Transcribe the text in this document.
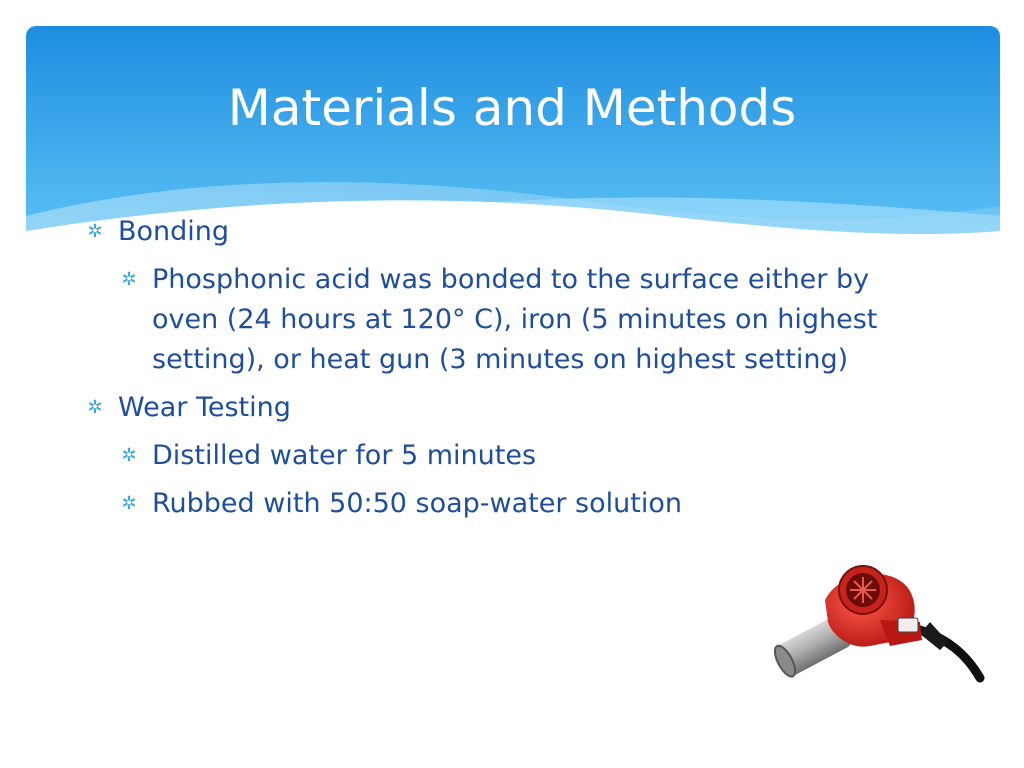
Materials and Methods
✲ Bonding
✲ Phosphonic acid was bonded to the surface either by oven (24 hours at 120° C), iron (5 minutes on highest setting), or heat gun (3 minutes on highest setting)
✲ Wear Testing
✲ Distilled water for 5 minutes
✲ Rubbed with 50:50 soap-water solution
